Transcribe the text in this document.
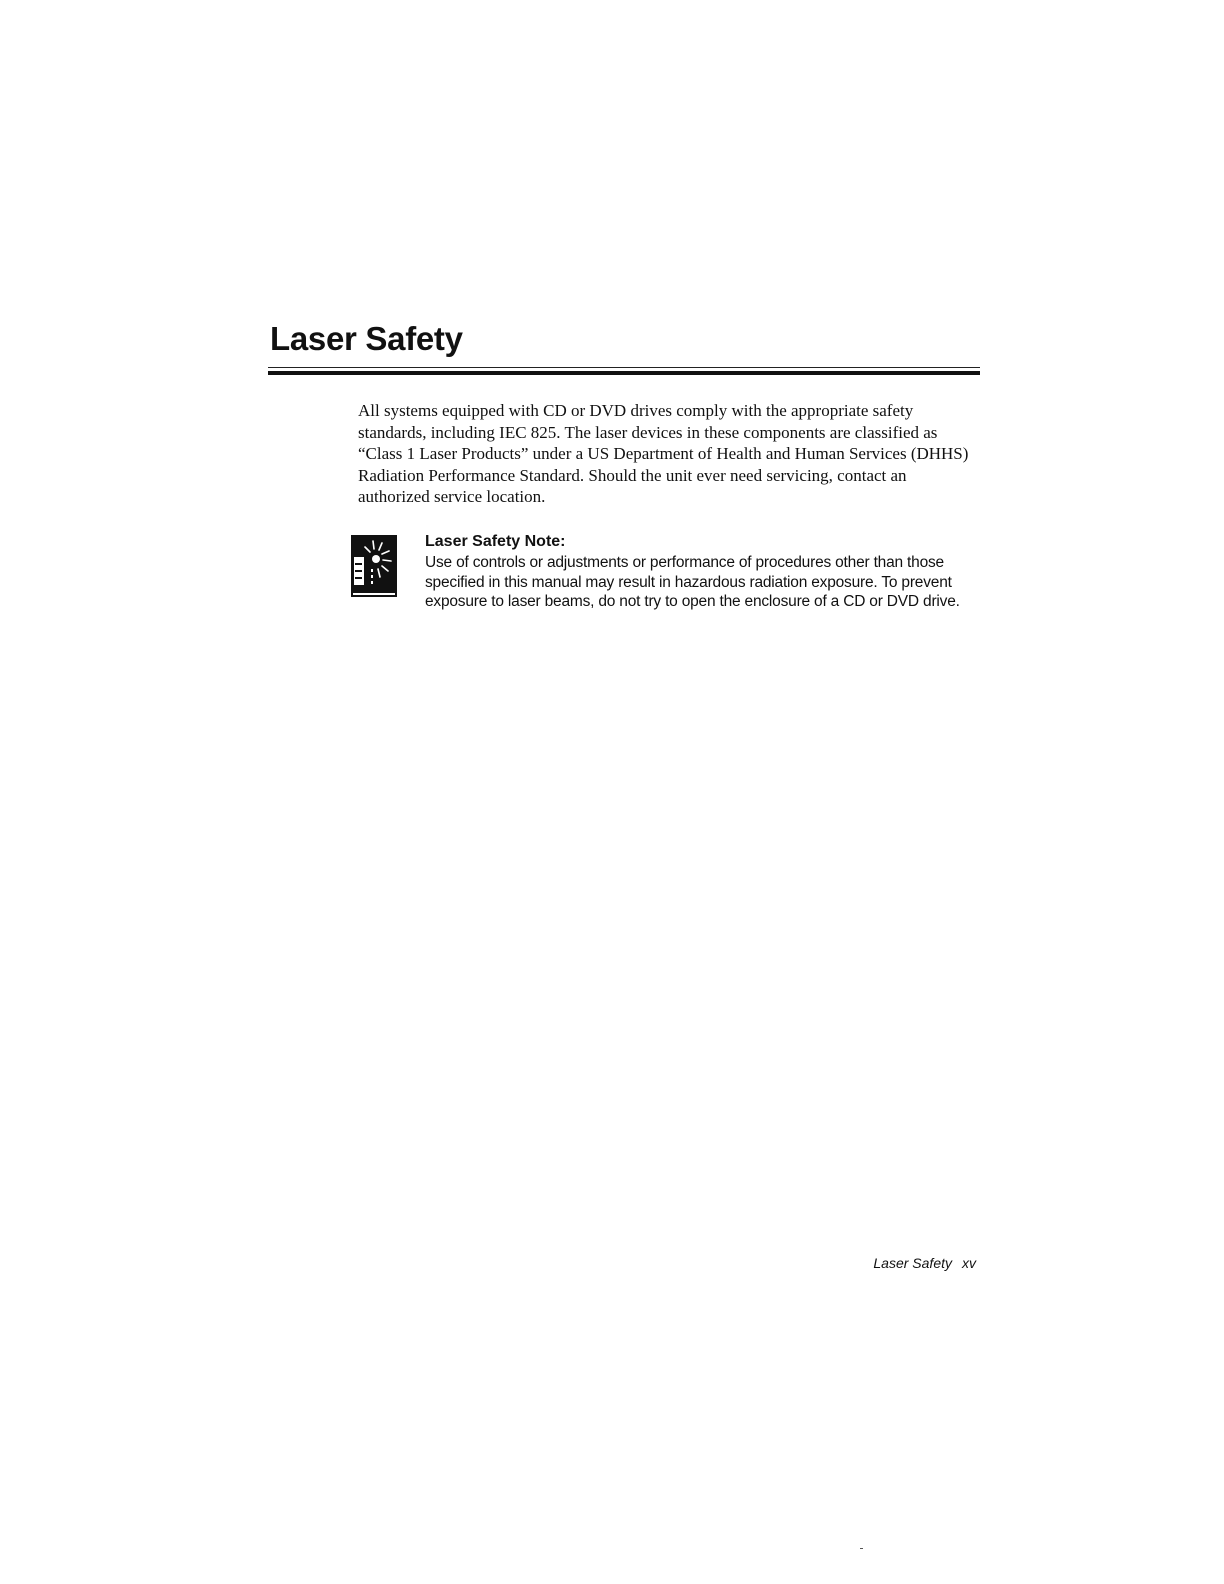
Laser Safety

All systems equipped with CD or DVD drives comply with the appropriate safety standards, including IEC 825. The laser devices in these components are classified as “Class 1 Laser Products” under a US Department of Health and Human Services (DHHS) Radiation Performance Standard. Should the unit ever need servicing, contact an authorized service location.

Laser Safety Note:

Use of controls or adjustments or performance of procedures other than those specified in this manual may result in hazardous radiation exposure. To prevent exposure to laser beams, do not try to open the enclosure of a CD or DVD drive.

Laser Safety xv
